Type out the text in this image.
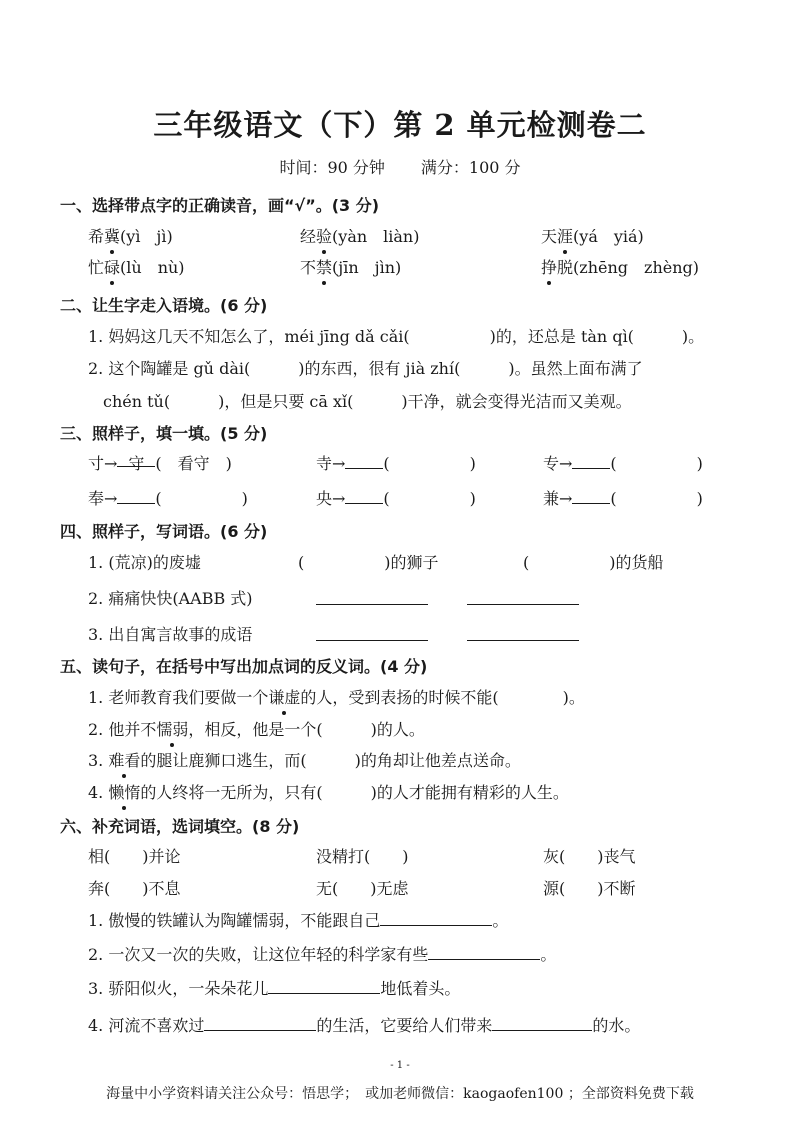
三年级语文（下）第 2 单元检测卷二
时间：90 分钟 满分：100 分
一、选择带点字的正确读音，画“√”。(3 分)
希冀(yì　jì)	经验(yàn　liàn)	天涯(yá　yiá)
忙碌(lù　nù)	不禁(jīn　jìn)	挣脱(zhēng　zhèng)
二、让生字走入语境。(6 分)
1. 妈妈这几天不知怎么了，méi jīng dǎ cǎi(　　　　　)的，还总是 tàn qì(　　　)。
2. 这个陶罐是 gǔ dài(　　　)的东西，很有 jià zhí(　　　)。虽然上面布满了
chén tǔ(　　　)，但是只要 cā xǐ(　　　)干净，就会变得光洁而又美观。
三、照样子，填一填。(5 分)
寸→ 守 (　看守　)	寺→ (　　　　　)	专→ (　　　　　)
奉→ (　　　　　)	央→ (　　　　　)	兼→ (　　　　　)
四、照样子，写词语。(6 分)
1. (荒凉)的废墟	(　　　　　)的狮子	(　　　　　)的货船
2. 痛痛快快(AABB 式)
3. 出自寓言故事的成语
五、读句子，在括号中写出加点词的反义词。(4 分)
1. 老师教育我们要做一个谦虚的人，受到表扬的时候不能(　　　　)。
2. 他并不懦弱，相反，他是一个(　　　)的人。
3. 难看的腿让鹿狮口逃生，而(　　　)的角却让他差点送命。
4. 懒惰的人终将一无所为，只有(　　　)的人才能拥有精彩的人生。
六、补充词语，选词填空。(8 分)
相(　　)并论	没精打(　　)	灰(　　)丧气
奔(　　)不息	无(　　)无虑	源(　　)不断
1. 傲慢的铁罐认为陶罐懦弱，不能跟自己	。
2. 一次又一次的失败，让这位年轻的科学家有些	。
3. 骄阳似火，一朵朵花儿	地低着头。
4. 河流不喜欢过	的生活，它要给人们带来	的水。
- 1 -
海量中小学资料请关注公众号：悟思学；　或加老师微信：kaogaofen100 ；全部资料免费下载
